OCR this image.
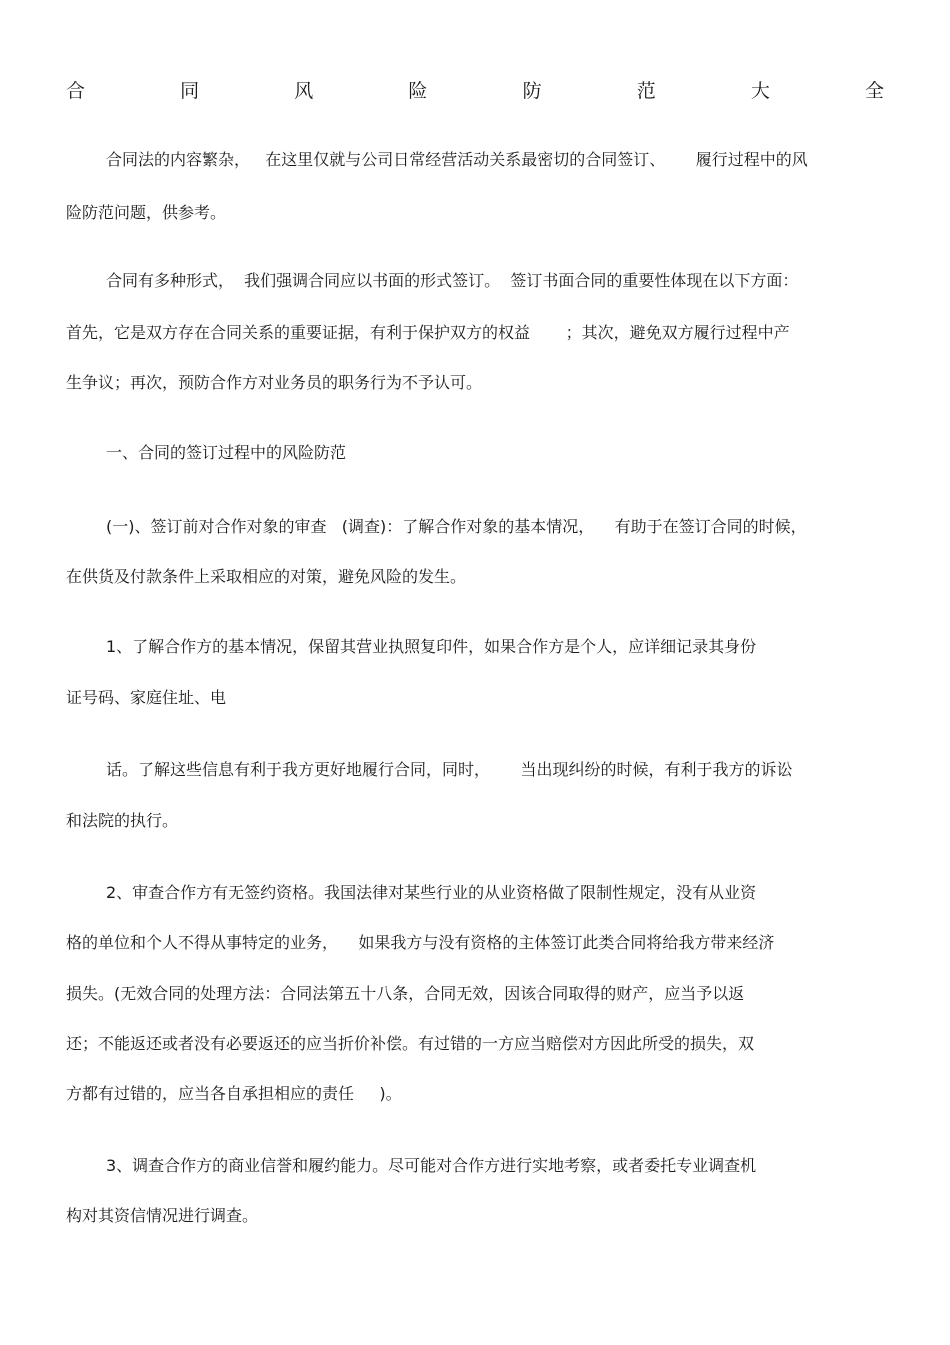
合	同	风	险	防	范	大	全
合同法的内容繁杂，   在这里仅就与公司日常经营活动关系最密切的合同签订、      履行过程中的风
险防范问题，供参考。
合同有多种形式，  我们强调合同应以书面的形式签订。  签订书面合同的重要性体现在以下方面：
首先，它是双方存在合同关系的重要证据，有利于保护双方的权益       ；其次，避免双方履行过程中产
生争议；再次，预防合作方对业务员的职务行为不予认可。
一、合同的签订过程中的风险防范
(一)、签订前对合作对象的审查   (调查)：了解合作对象的基本情况，    有助于在签订合同的时候，
在供货及付款条件上采取相应的对策，避免风险的发生。
1、了解合作方的基本情况，保留其营业执照复印件，如果合作方是个人，应详细记录其身份
证号码、家庭住址、电
话。了解这些信息有利于我方更好地履行合同，同时，      当出现纠纷的时候，有利于我方的诉讼
和法院的执行。
2、审查合作方有无签约资格。我国法律对某些行业的从业资格做了限制性规定，没有从业资
格的单位和个人不得从事特定的业务，    如果我方与没有资格的主体签订此类合同将给我方带来经济
损失。(无效合同的处理方法：合同法第五十八条，合同无效，因该合同取得的财产，应当予以返
还；不能返还或者没有必要返还的应当折价补偿。有过错的一方应当赔偿对方因此所受的损失，双
方都有过错的，应当各自承担相应的责任     )。
3、调查合作方的商业信誉和履约能力。尽可能对合作方进行实地考察，或者委托专业调查机
构对其资信情况进行调查。
